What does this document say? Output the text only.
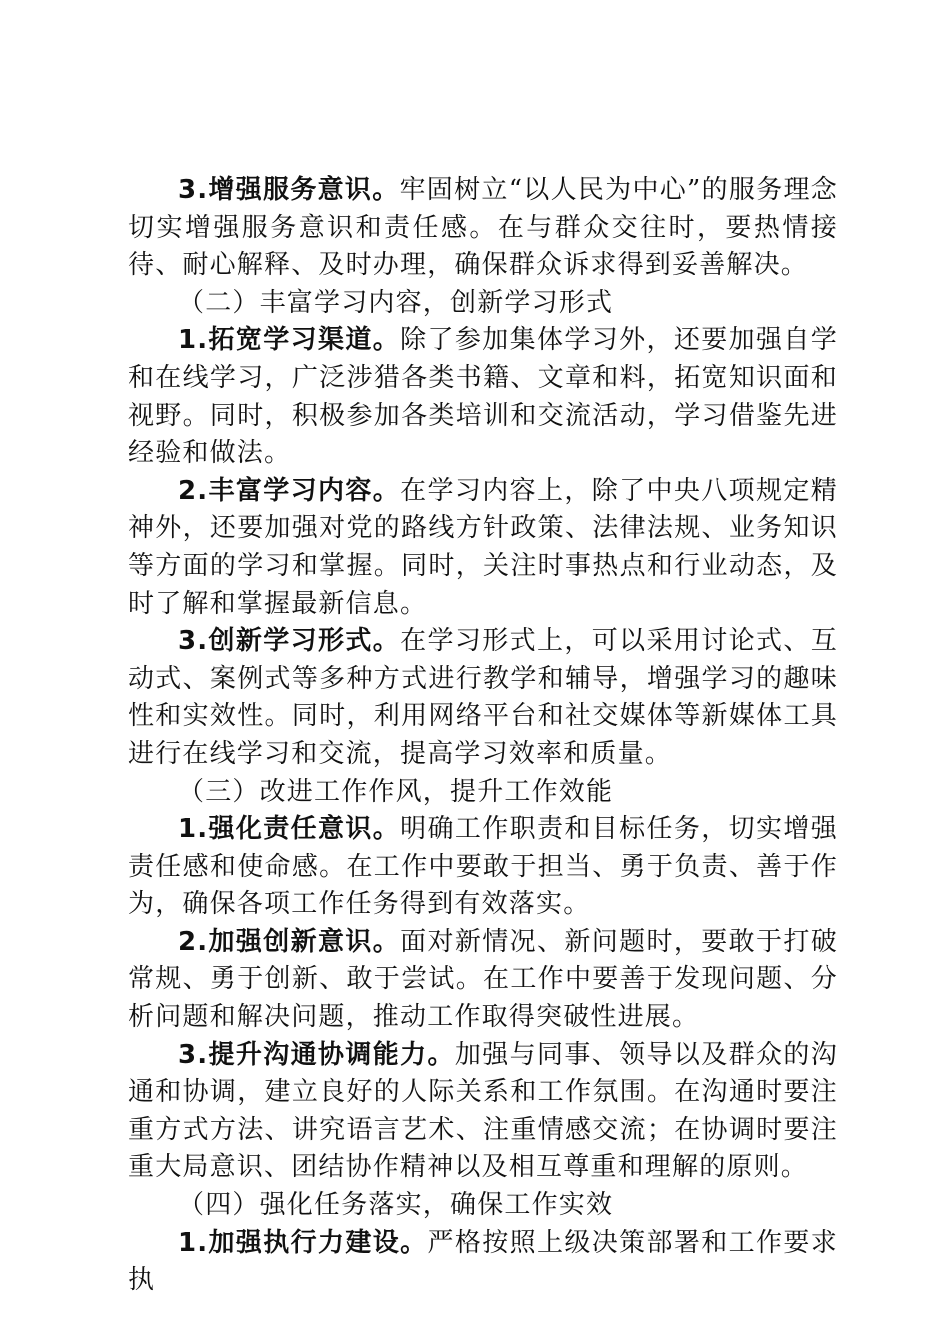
3.增强服务意识。牢固树立“以人民为中心”的服务理念切实增强服务意识和责任感。在与群众交往时，要热情接待、耐心解释、及时办理，确保群众诉求得到妥善解决。

（二）丰富学习内容，创新学习形式

1.拓宽学习渠道。除了参加集体学习外，还要加强自学和在线学习，广泛涉猎各类书籍、文章和料，拓宽知识面和视野。同时，积极参加各类培训和交流活动，学习借鉴先进经验和做法。

2.丰富学习内容。在学习内容上，除了中央八项规定精神外，还要加强对党的路线方针政策、法律法规、业务知识等方面的学习和掌握。同时，关注时事热点和行业动态，及时了解和掌握最新信息。

3.创新学习形式。在学习形式上，可以采用讨论式、互动式、案例式等多种方式进行教学和辅导，增强学习的趣味性和实效性。同时，利用网络平台和社交媒体等新媒体工具进行在线学习和交流，提高学习效率和质量。

（三）改进工作作风，提升工作效能

1.强化责任意识。明确工作职责和目标任务，切实增强责任感和使命感。在工作中要敢于担当、勇于负责、善于作为，确保各项工作任务得到有效落实。

2.加强创新意识。面对新情况、新问题时，要敢于打破常规、勇于创新、敢于尝试。在工作中要善于发现问题、分析问题和解决问题，推动工作取得突破性进展。

3.提升沟通协调能力。加强与同事、领导以及群众的沟通和协调，建立良好的人际关系和工作氛围。在沟通时要注重方式方法、讲究语言艺术、注重情感交流；在协调时要注重大局意识、团结协作精神以及相互尊重和理解的原则。

（四）强化任务落实，确保工作实效

1.加强执行力建设。严格按照上级决策部署和工作要求执
